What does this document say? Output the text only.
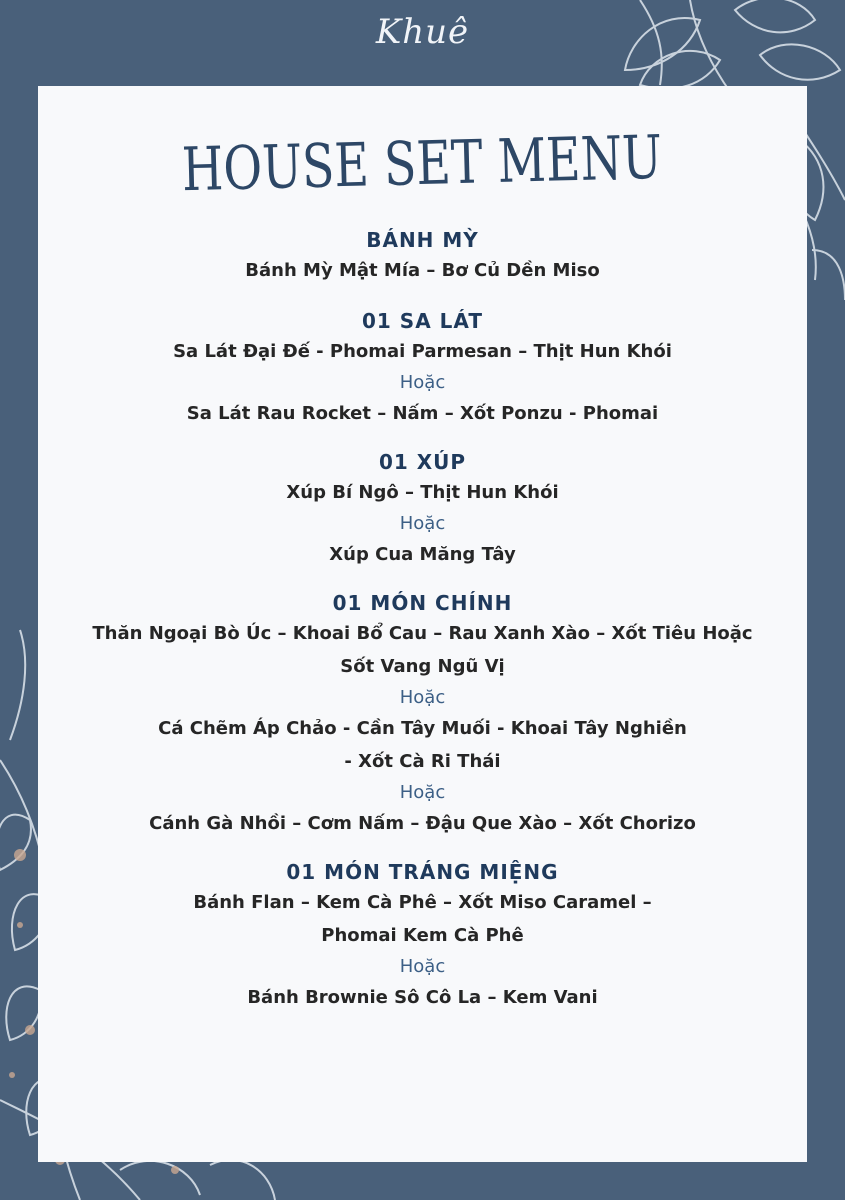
Khuê
HOUSE SET MENU
BÁNH MỲ
Bánh Mỳ Mật Mía – Bơ Củ Dền Miso
01 SA LÁT
Sa Lát Đại Đế - Phomai Parmesan – Thịt Hun Khói
Hoặc
Sa Lát Rau Rocket – Nấm – Xốt Ponzu - Phomai
01 XÚP
Xúp Bí Ngô – Thịt Hun Khói
Hoặc
Xúp Cua Măng Tây
01 MÓN CHÍNH
Thăn Ngoại Bò Úc – Khoai Bổ Cau – Rau Xanh Xào – Xốt Tiêu Hoặc
Sốt Vang Ngũ Vị
Hoặc
Cá Chẽm Áp Chảo - Cần Tây Muối - Khoai Tây Nghiền
- Xốt Cà Ri Thái
Hoặc
Cánh Gà Nhồi – Cơm Nấm – Đậu Que Xào – Xốt Chorizo
01 MÓN TRÁNG MIỆNG
Bánh Flan – Kem Cà Phê – Xốt Miso Caramel –
Phomai Kem Cà Phê
Hoặc
Bánh Brownie Sô Cô La – Kem Vani
